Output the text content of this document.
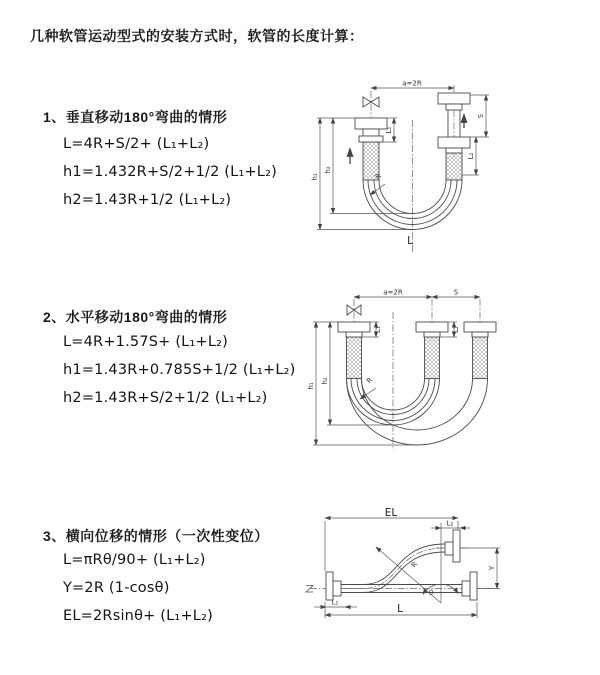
几种软管运动型式的安装方式时，软管的长度计算：
1、垂直移动180°弯曲的情形
L=4R+S/2+ (L₁+L₂)
h1=1.432R+S/2+1/2 (L₁+L₂)
h2=1.43R+1/2 (L₁+L₂)
2、水平移动180°弯曲的情形
L=4R+1.57S+ (L₁+L₂)
h1=1.43R+0.785S+1/2 (L₁+L₂)
h2=1.43R+S/2+1/2 (L₁+L₂)
3、横向位移的情形（一次性变位）
L=πRθ/90+ (L₁+L₂)
Y=2R (1-cosθ)
EL=2Rsinθ+ (L₁+L₂)
a=2R
h₁
h₂
L₁
S
L₂
R
L
a=2R	S
h₁
h₂
L₁	L₂
R
EL
L₂
Y
R
θ
L
L₁
